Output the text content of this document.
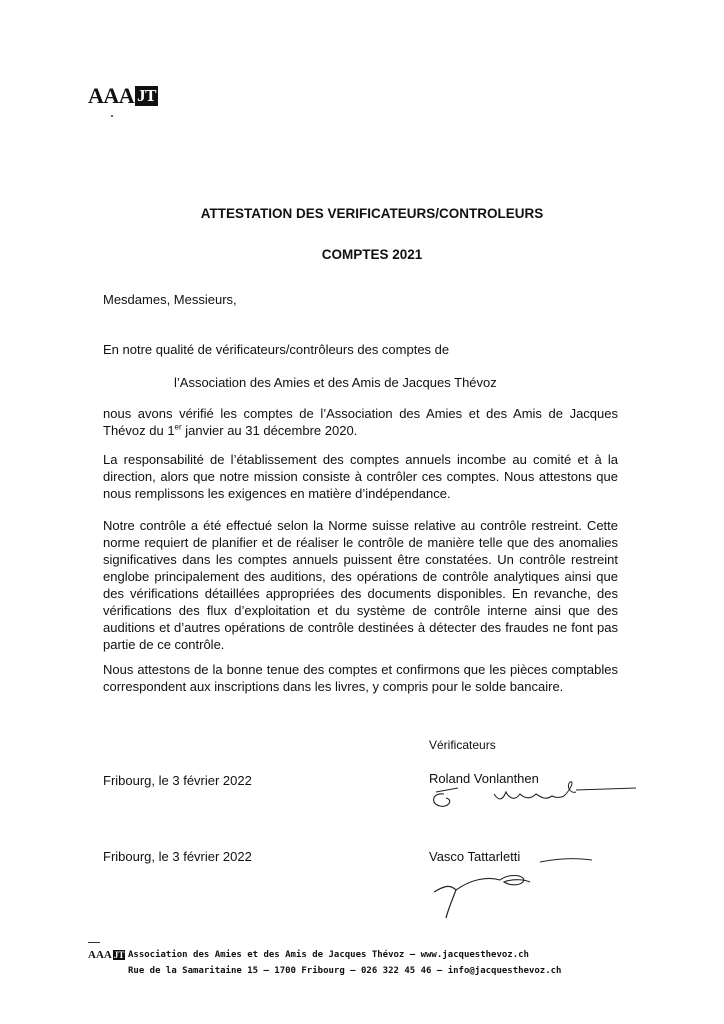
AAA JT
ATTESTATION DES VERIFICATEURS/CONTROLEURS
COMPTES 2021

Mesdames, Messieurs,

En notre qualité de vérificateurs/contrôleurs des comptes de

l’Association des Amies et des Amis de Jacques Thévoz

nous avons vérifié les comptes de l’Association des Amies et des Amis de Jacques Thévoz du 1er janvier au 31 décembre 2020.

La responsabilité de l’établissement des comptes annuels incombe au comité et à la direction, alors que notre mission consiste à contrôler ces comptes. Nous attestons que nous remplissons les exigences en matière d’indépendance.

Notre contrôle a été effectué selon la Norme suisse relative au contrôle restreint. Cette norme requiert de planifier et de réaliser le contrôle de manière telle que des anomalies significatives dans les comptes annuels puissent être constatées. Un contrôle restreint englobe principalement des auditions, des opérations de contrôle analytiques ainsi que des vérifications détaillées appropriées des documents disponibles. En revanche, des vérifications des flux d’exploitation et du système de contrôle interne ainsi que des auditions et d’autres opérations de contrôle destinées à détecter des fraudes ne font pas partie de ce contrôle.

Nous attestons de la bonne tenue des comptes et confirmons que les pièces comptables correspondent aux inscriptions dans les livres, y compris pour le solde bancaire.

Vérificateurs
Fribourg, le 3 février 2022	Roland Vonlanthen
Fribourg, le 3 février 2022	Vasco Tattarletti
AAA JT Association des Amies et des Amis de Jacques Thévoz – www.jacquesthevoz.ch
Rue de la Samaritaine 15 – 1700 Fribourg – 026 322 45 46 – info@jacquesthevoz.ch
